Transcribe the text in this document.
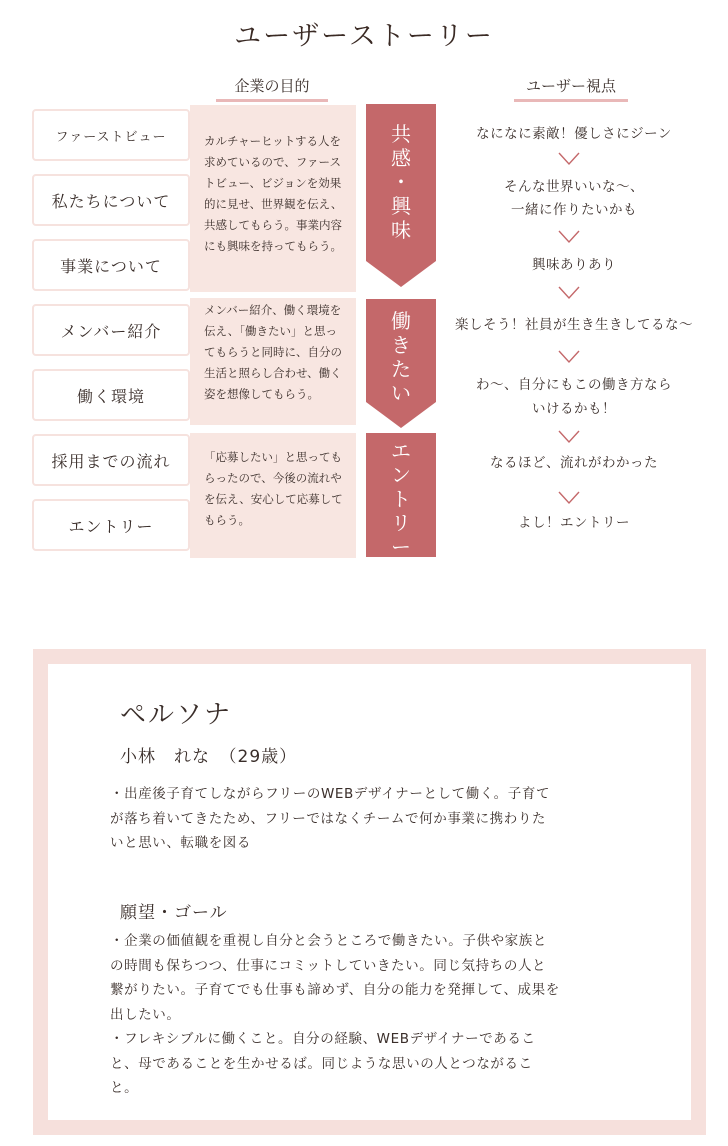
ユーザーストーリー
企業の目的	ユーザー視点
ファーストビュー
私たちについて
事業について
メンバー紹介
働く環境
採用までの流れ
エントリー
カルチャーヒットする人を求めているので、ファーストビュー、ビジョンを効果的に見せ、世界観を伝え、共感してもらう。事業内容にも興味を持ってもらう。
メンバー紹介、働く環境を伝え、「働きたい」と思ってもらうと同時に、自分の生活と照らし合わせ、働く姿を想像してもらう。
「応募したい」と思ってもらったので、今後の流れやを伝え、安心して応募してもらう。
共
感
・
興
味
働
き
た
い
エ
ン
ト
リ
ー
なになに素敵！優しさにジーン
そんな世界いいな〜、
一緒に作りたいかも
興味ありあり
楽しそう！社員が生き生きしてるな〜
わ〜、自分にもこの働き方なら
いけるかも！
なるほど、流れがわかった
よし！エントリー
ペルソナ
小林　れな　（29歳）
・出産後子育てしながらフリーのWEBデザイナーとして働く。子育てが落ち着いてきたため、フリーではなくチームで何か事業に携わりたいと思い、転職を図る
願望・ゴール
・企業の価値観を重視し自分と会うところで働きたい。子供や家族との時間も保ちつつ、仕事にコミットしていきたい。同じ気持ちの人と繋がりたい。子育てでも仕事も諦めず、自分の能力を発揮して、成果を出したい。
・フレキシブルに働くこと。自分の経験、WEBデザイナーであること、母であることを生かせるば。同じような思いの人とつながること。
